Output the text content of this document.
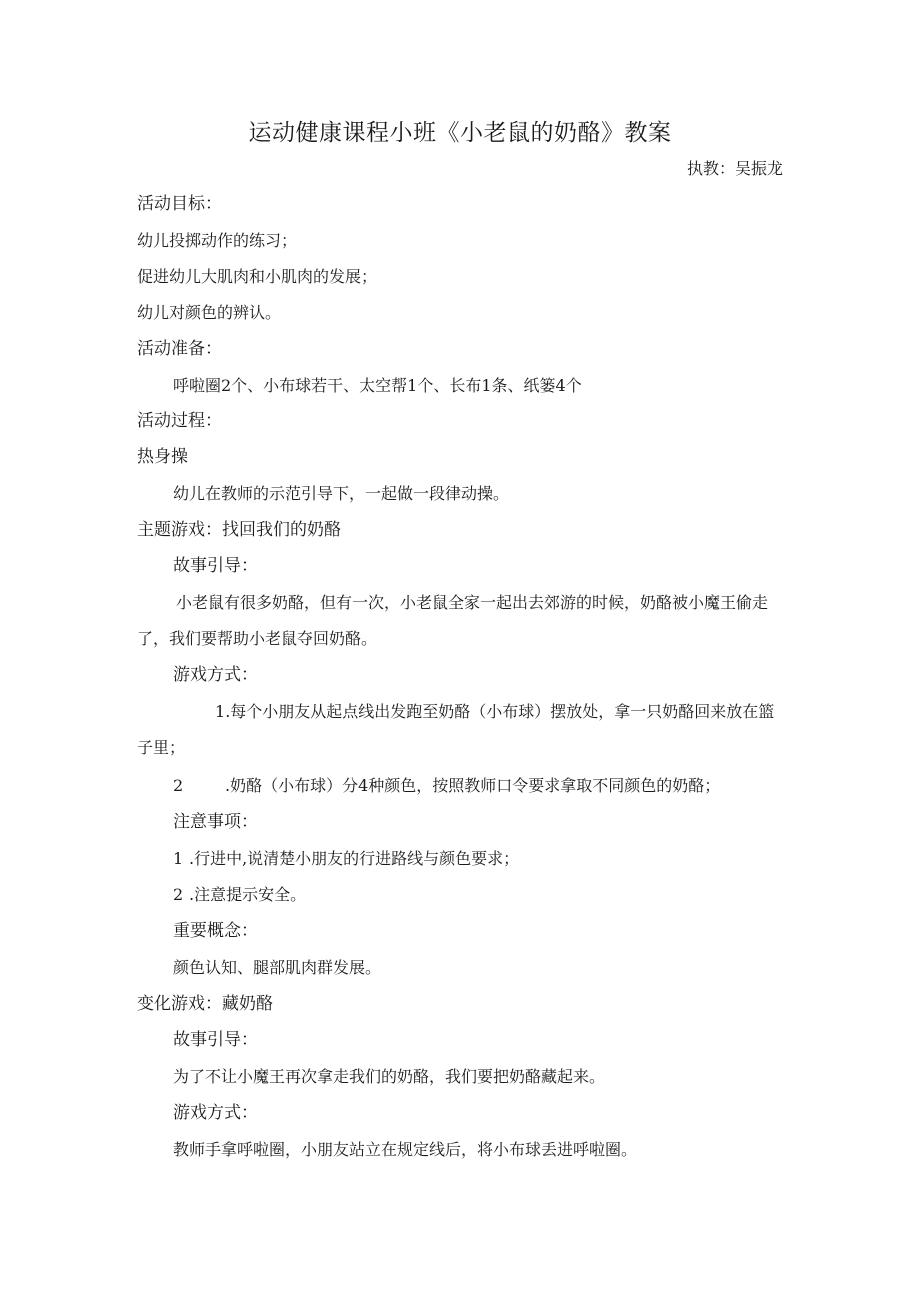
运动健康课程小班《小老鼠的奶酪》教案
执教：吴振龙
活动目标：
幼儿投掷动作的练习；
促进幼儿大肌肉和小肌肉的发展；
幼儿对颜色的辨认。
活动准备：
呼啦圈2个、小布球若干、太空帮1个、长布1条、纸篓4个
活动过程：
热身操
幼儿在教师的示范引导下，一起做一段律动操。
主题游戏：找回我们的奶酪
故事引导：
小老鼠有很多奶酪，但有一次，小老鼠全家一起出去郊游的时候，奶酪被小魔王偷走了，我们要帮助小老鼠夺回奶酪。
游戏方式：
1.每个小朋友从起点线出发跑至奶酪（小布球）摆放处，拿一只奶酪回来放在篮子里；
2	.奶酪（小布球）分4种颜色，按照教师口令要求拿取不同颜色的奶酪；
注意事项：
1 .行进中,说清楚小朋友的行进路线与颜色要求；
2 .注意提示安全。
重要概念：
颜色认知、腿部肌肉群发展。
变化游戏：藏奶酪
故事引导：
为了不让小魔王再次拿走我们的奶酪，我们要把奶酪藏起来。
游戏方式：
教师手拿呼啦圈，小朋友站立在规定线后，将小布球丢进呼啦圈。
